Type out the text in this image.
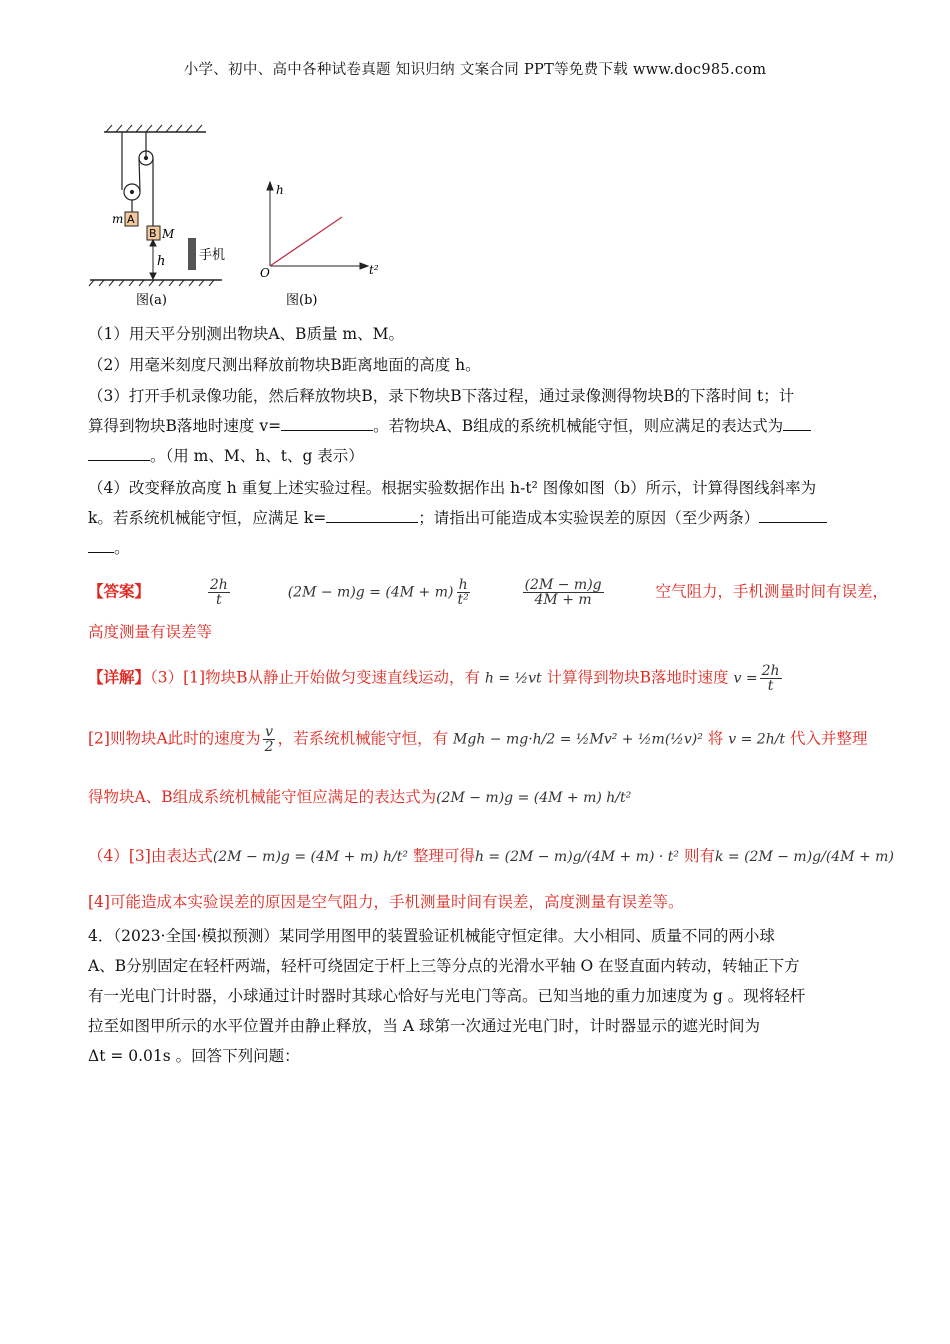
小学、初中、高中各种试卷真题 知识归纳 文案合同 PPT等免费下载 www.doc985.com
A
m
B M
h	手机
图(a)
h
t²
O
图(b)
（1）用天平分别测出物块A、B质量 m、M。
（2）用毫米刻度尺测出释放前物块B距离地面的高度 h。
（3）打开手机录像功能，然后释放物块B，录下物块B下落过程，通过录像测得物块B的下落时间 t；计
算得到物块B落地时速度 v=	。若物块A、B组成的系统机械能守恒，则应满足的表达式为
。（用 m、M、h、t、g 表示）
（4）改变释放高度 h 重复上述实验过程。根据实验数据作出 h-t² 图像如图（b）所示，计算得图线斜率为
k。若系统机械能守恒，应满足 k=	；请指出可能造成本实验误差的原因（至少两条）
。
【答案】	$\frac{2h}{t}$	$(2M - m)g = (4M + m) \frac{h}{\text{t²}}$
	$\frac{(2M - m)g}{4M + m}$	空气阻力，手机测量时间有误差，
高度测量有误差等
【详解】（3）[1]物块B从静止开始做匀变速直线运动，有 h = ½vt 计算得到物块B落地时速度 $v = \frac{2h}{t}$
[2]则物块A此时的速度为 $\frac{v}{2}$ ，若系统机械能守恒，有 Mgh − mg·h/2 = ½Mv² + ½m(½v)² 将 v = 2h/t 代入并整理
得物块A、B组成系统机械能守恒应满足的表达式为(2M − m)g = (4M + m) h/t²
（4）[3]由表达式(2M − m)g = (4M + m) h/t² 整理可得h = (2M − m)g/(4M + m) · t² 则有k = (2M − m)g/(4M + m)
[4]可能造成本实验误差的原因是空气阻力，手机测量时间有误差，高度测量有误差等。
4．（2023·全国·模拟预测）某同学用图甲的装置验证机械能守恒定律。大小相同、质量不同的两小球
A、B分别固定在轻杆两端，轻杆可绕固定于杆上三等分点的光滑水平轴 O 在竖直面内转动，转轴正下方
有一光电门计时器，小球通过计时器时其球心恰好与光电门等高。已知当地的重力加速度为 g 。现将轻杆
拉至如图甲所示的水平位置并由静止释放，当 A 球第一次通过光电门时，计时器显示的遮光时间为
Δt = 0.01s 。回答下列问题：
